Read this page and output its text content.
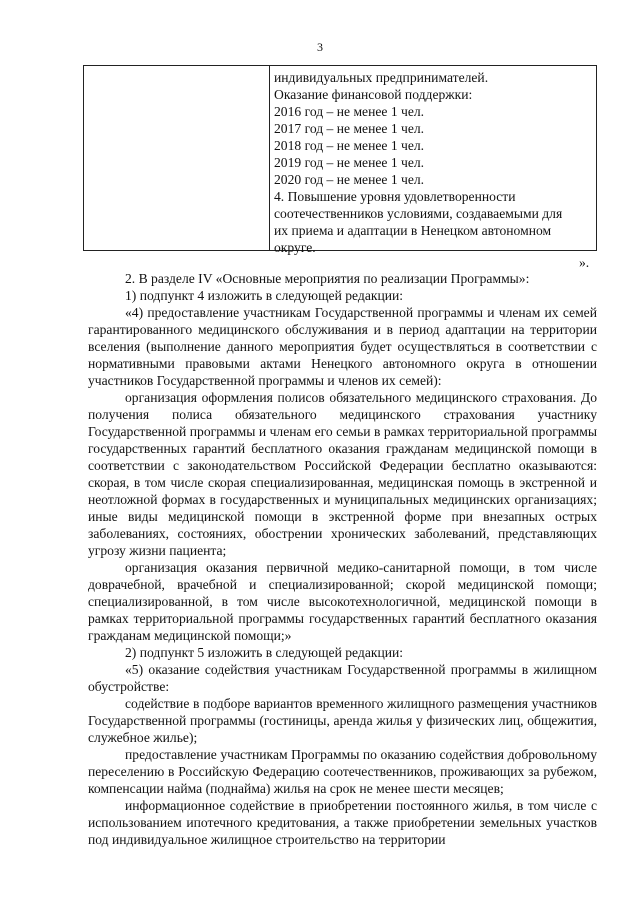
3
индивидуальных предпринимателей.
Оказание финансовой поддержки:
2016 год – не менее 1 чел.
2017 год – не менее 1 чел.
2018 год – не менее 1 чел.
2019 год – не менее 1 чел.
2020 год – не менее 1 чел.
4. Повышение уровня удовлетворенности
соотечественников условиями, создаваемыми для
их приема и адаптации в Ненецком автономном
округе.
».

2. В разделе IV «Основные мероприятия по реализации Программы»:

1) подпункт 4 изложить в следующей редакции:

«4) предоставление участникам Государственной программы и членам их семей гарантированного медицинского обслуживания и в период адаптации на территории вселения (выполнение данного мероприятия будет осуществляться в соответствии с нормативными правовыми актами Ненецкого автономного округа в отношении участников Государственной программы и членов их семей):

организация оформления полисов обязательного медицинского страхования. До получения полиса обязательного медицинского страхования участнику Государственной программы и членам его семьи в рамках территориальной программы государственных гарантий бесплатного оказания гражданам медицинской помощи в соответствии с законодательством Российской Федерации бесплатно оказываются: скорая, в том числе скорая специализированная, медицинская помощь в экстренной и неотложной формах в государственных и муниципальных медицинских организациях; иные виды медицинской помощи в экстренной форме при внезапных острых заболеваниях, состояниях, обострении хронических заболеваний, представляющих угрозу жизни пациента;

организация оказания первичной медико-санитарной помощи, в том числе доврачебной, врачебной и специализированной; скорой медицинской помощи; специализированной, в том числе высокотехнологичной, медицинской помощи в рамках территориальной программы государственных гарантий бесплатного оказания гражданам медицинской помощи;»

2) подпункт 5 изложить в следующей редакции:

«5) оказание содействия участникам Государственной программы в жилищном обустройстве:

содействие в подборе вариантов временного жилищного размещения участников Государственной программы (гостиницы, аренда жилья у физических лиц, общежития, служебное жилье);

предоставление участникам Программы по оказанию содействия добровольному переселению в Российскую Федерацию соотечественников, проживающих за рубежом, компенсации найма (поднайма) жилья на срок не менее шести месяцев;

информационное содействие в приобретении постоянного жилья, в том числе с использованием ипотечного кредитования, а также приобретении земельных участков под индивидуальное жилищное строительство на территории
